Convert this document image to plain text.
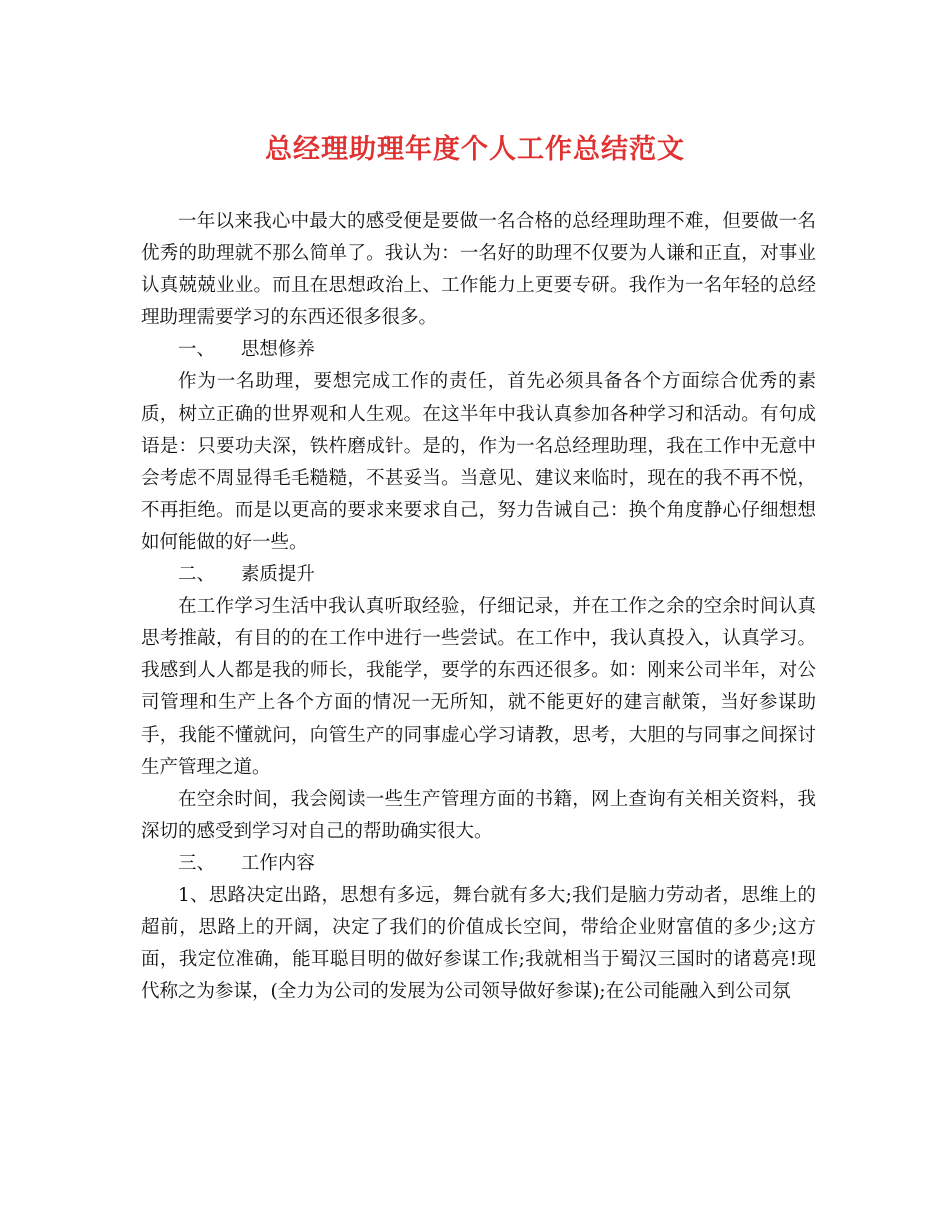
总经理助理年度个人工作总结范文

一年以来我心中最大的感受便是要做一名合格的总经理助理不难，但要做一名优秀的助理就不那么简单了。我认为：一名好的助理不仅要为人谦和正直，对事业认真兢兢业业。而且在思想政治上、工作能力上更要专研。我作为一名年轻的总经理助理需要学习的东西还很多很多。

一、 思想修养

作为一名助理，要想完成工作的责任，首先必须具备各个方面综合优秀的素质，树立正确的世界观和人生观。在这半年中我认真参加各种学习和活动。有句成语是：只要功夫深，铁杵磨成针。是的，作为一名总经理助理，我在工作中无意中会考虑不周显得毛毛糙糙，不甚妥当。当意见、建议来临时，现在的我不再不悦，不再拒绝。而是以更高的要求来要求自己，努力告诫自己：换个角度静心仔细想想如何能做的好一些。

二、 素质提升

在工作学习生活中我认真听取经验，仔细记录，并在工作之余的空余时间认真思考推敲，有目的的在工作中进行一些尝试。在工作中，我认真投入，认真学习。我感到人人都是我的师长，我能学，要学的东西还很多。如：刚来公司半年，对公司管理和生产上各个方面的情况一无所知，就不能更好的建言献策，当好参谋助手，我能不懂就问，向管生产的同事虚心学习请教，思考，大胆的与同事之间探讨生产管理之道。

在空余时间，我会阅读一些生产管理方面的书籍，网上查询有关相关资料，我深切的感受到学习对自己的帮助确实很大。

三、 工作内容

1、思路决定出路，思想有多远，舞台就有多大;我们是脑力劳动者，思维上的超前，思路上的开阔，决定了我们的价值成长空间，带给企业财富值的多少;这方面，我定位准确，能耳聪目明的做好参谋工作;我就相当于蜀汉三国时的诸葛亮!现代称之为参谋，(全力为公司的发展为公司领导做好参谋);在公司能融入到公司氛
